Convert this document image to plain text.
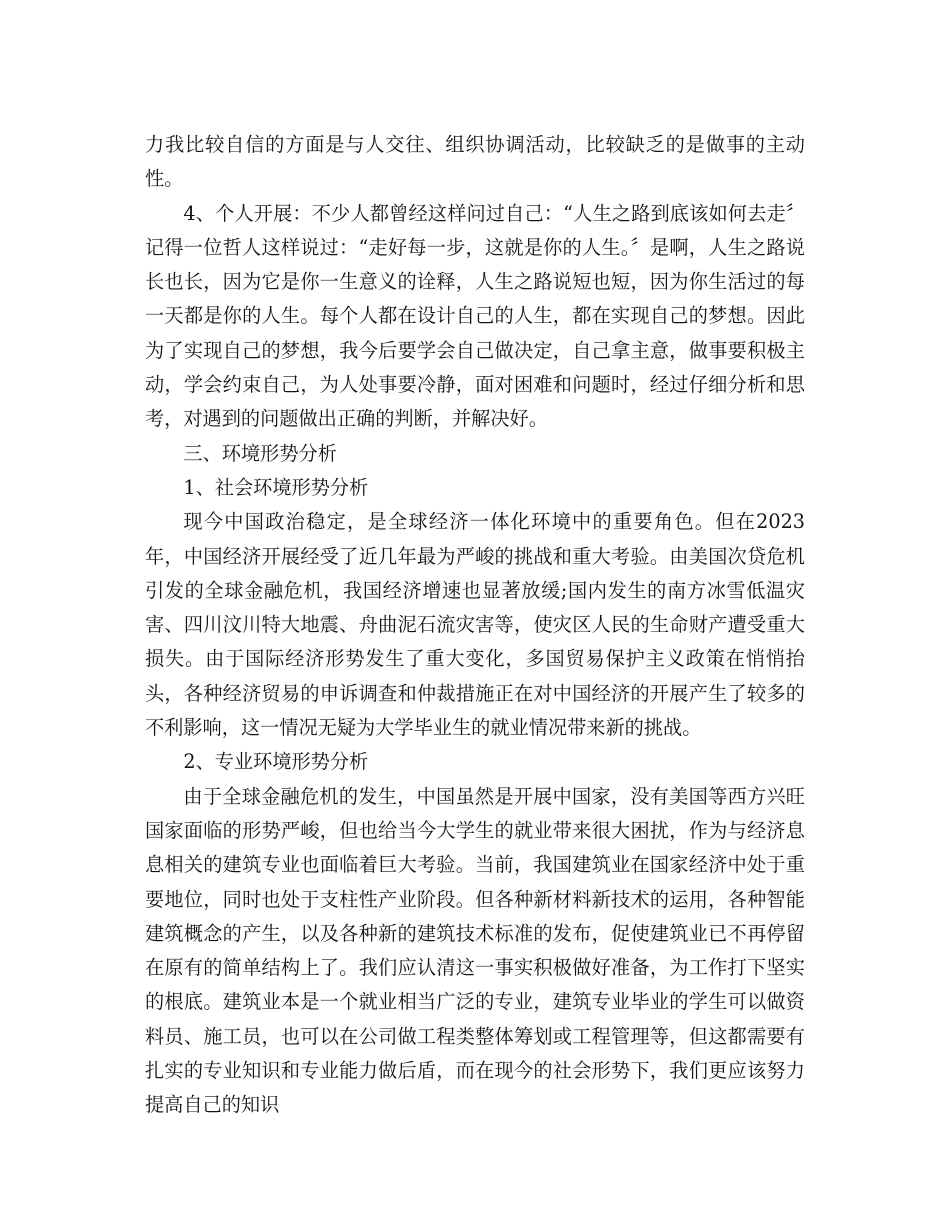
力我比较自信的方面是与人交往、组织协调活动，比较缺乏的是做事的主动性。

4、个人开展：不少人都曾经这样问过自己：“人生之路到底该如何去走〞记得一位哲人这样说过：“走好每一步，这就是你的人生。〞是啊，人生之路说长也长，因为它是你一生意义的诠释，人生之路说短也短，因为你生活过的每一天都是你的人生。每个人都在设计自己的人生，都在实现自己的梦想。因此为了实现自己的梦想，我今后要学会自己做决定，自己拿主意，做事要积极主动，学会约束自己，为人处事要冷静，面对困难和问题时，经过仔细分析和思考，对遇到的问题做出正确的判断，并解决好。

三、环境形势分析

1、社会环境形势分析

现今中国政治稳定，是全球经济一体化环境中的重要角色。但在2023年，中国经济开展经受了近几年最为严峻的挑战和重大考验。由美国次贷危机引发的全球金融危机，我国经济增速也显著放缓;国内发生的南方冰雪低温灾害、四川汶川特大地震、舟曲泥石流灾害等，使灾区人民的生命财产遭受重大损失。由于国际经济形势发生了重大变化，多国贸易保护主义政策在悄悄抬头，各种经济贸易的申诉调查和仲裁措施正在对中国经济的开展产生了较多的不利影响，这一情况无疑为大学毕业生的就业情况带来新的挑战。

2、专业环境形势分析

由于全球金融危机的发生，中国虽然是开展中国家，没有美国等西方兴旺国家面临的形势严峻，但也给当今大学生的就业带来很大困扰，作为与经济息息相关的建筑专业也面临着巨大考验。当前，我国建筑业在国家经济中处于重要地位，同时也处于支柱性产业阶段。但各种新材料新技术的运用，各种智能建筑概念的产生，以及各种新的建筑技术标准的发布，促使建筑业已不再停留在原有的简单结构上了。我们应认清这一事实积极做好准备，为工作打下坚实的根底。建筑业本是一个就业相当广泛的专业，建筑专业毕业的学生可以做资料员、施工员，也可以在公司做工程类整体筹划或工程管理等，但这都需要有扎实的专业知识和专业能力做后盾，而在现今的社会形势下，我们更应该努力提高自己的知识
